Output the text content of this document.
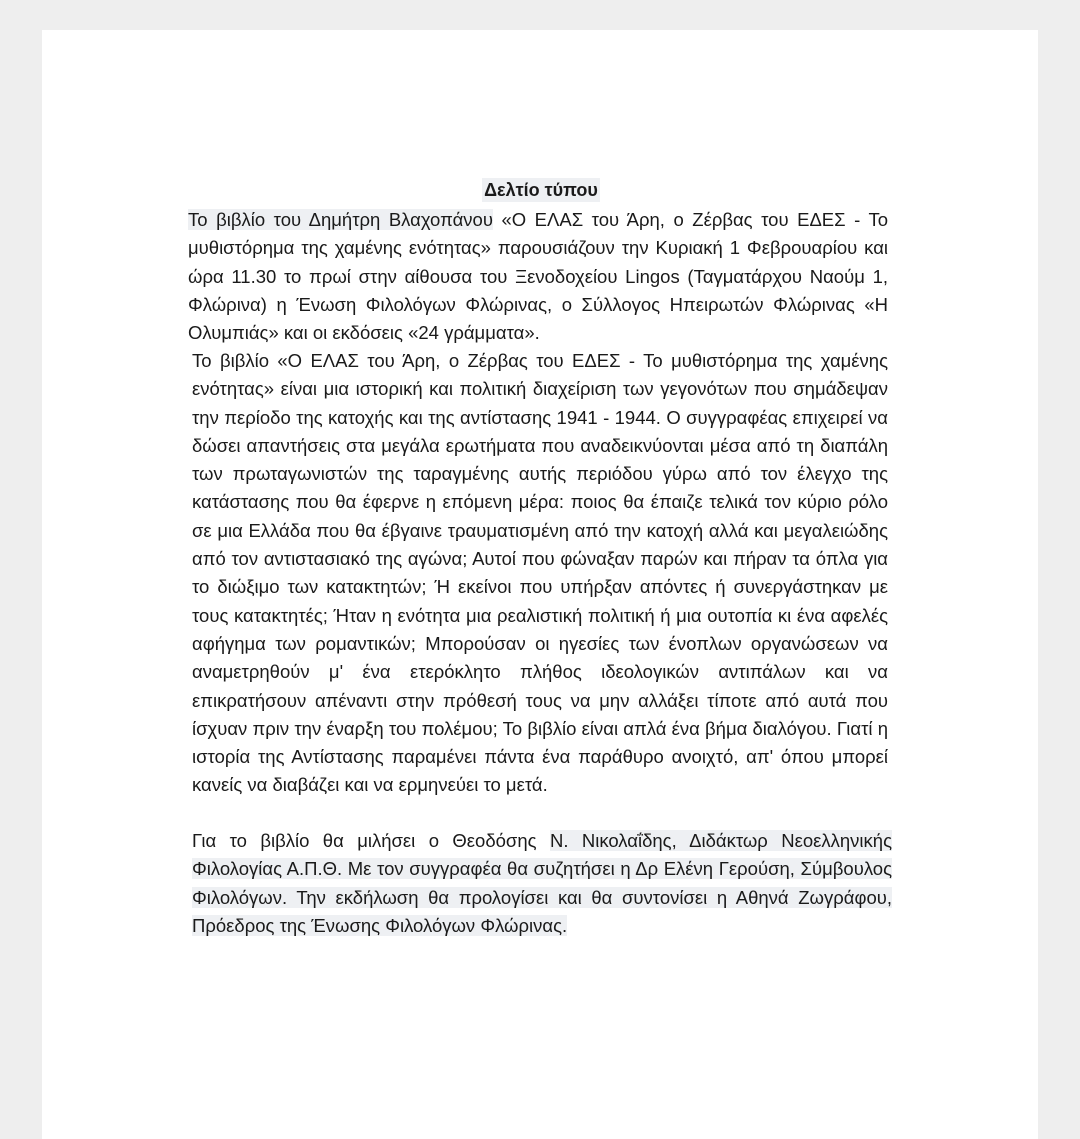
Δελτίο τύπου

Το βιβλίο του Δημήτρη Βλαχοπάνου «Ο ΕΛΑΣ του Άρη, ο Ζέρβας του ΕΔΕΣ - Το μυθιστόρημα της χαμένης ενότητας» παρουσιάζουν την Κυριακή 1 Φεβρουαρίου και ώρα 11.30 το πρωί στην αίθουσα του Ξενοδοχείου Lingos (Ταγματάρχου Ναούμ 1, Φλώρινα) η Ένωση Φιλολόγων Φλώρινας, ο Σύλλογος Ηπειρωτών Φλώρινας «Η Ολυμπιάς» και οι εκδόσεις «24 γράμματα».

Το βιβλίο «Ο ΕΛΑΣ του Άρη, ο Ζέρβας του ΕΔΕΣ - Το μυθιστόρημα της χαμένης ενότητας» είναι μια ιστορική και πολιτική διαχείριση των γεγονότων που σημάδεψαν την περίοδο της κατοχής και της αντίστασης 1941 - 1944. Ο συγγραφέας επιχειρεί να δώσει απαντήσεις στα μεγάλα ερωτήματα που αναδεικνύονται μέσα από τη διαπάλη των πρωταγωνιστών της ταραγμένης αυτής περιόδου γύρω από τον έλεγχο της κατάστασης που θα έφερνε η επόμενη μέρα: ποιος θα έπαιζε τελικά τον κύριο ρόλο σε μια Ελλάδα που θα έβγαινε τραυματισμένη από την κατοχή αλλά και μεγαλειώδης από τον αντιστασιακό της αγώνα; Αυτοί που φώναξαν παρών και πήραν τα όπλα για το διώξιμο των κατακτητών; Ή εκείνοι που υπήρξαν απόντες ή συνεργάστηκαν με τους κατακτητές; Ήταν η ενότητα μια ρεαλιστική πολιτική ή μια ουτοπία κι ένα αφελές αφήγημα των ρομαντικών; Μπορούσαν οι ηγεσίες των ένοπλων οργανώσεων να αναμετρηθούν μ' ένα ετερόκλητο πλήθος ιδεολογικών αντιπάλων και να επικρατήσουν απέναντι στην πρόθεσή τους να μην αλλάξει τίποτε από αυτά που ίσχυαν πριν την έναρξη του πολέμου; Το βιβλίο είναι απλά ένα βήμα διαλόγου. Γιατί η ιστορία της Αντίστασης παραμένει πάντα ένα παράθυρο ανοιχτό, απ' όπου μπορεί κανείς να διαβάζει και να ερμηνεύει το μετά.

Για το βιβλίο θα μιλήσει ο Θεοδόσης Ν. Νικολαΐδης, Διδάκτωρ Νεοελληνικής Φιλολογίας Α.Π.Θ. Με τον συγγραφέα θα συζητήσει η Δρ Ελένη Γερούση, Σύμβουλος Φιλολόγων. Την εκδήλωση θα προλογίσει και θα συντονίσει η Αθηνά Ζωγράφου, Πρόεδρος της Ένωσης Φιλολόγων Φλώρινας.
